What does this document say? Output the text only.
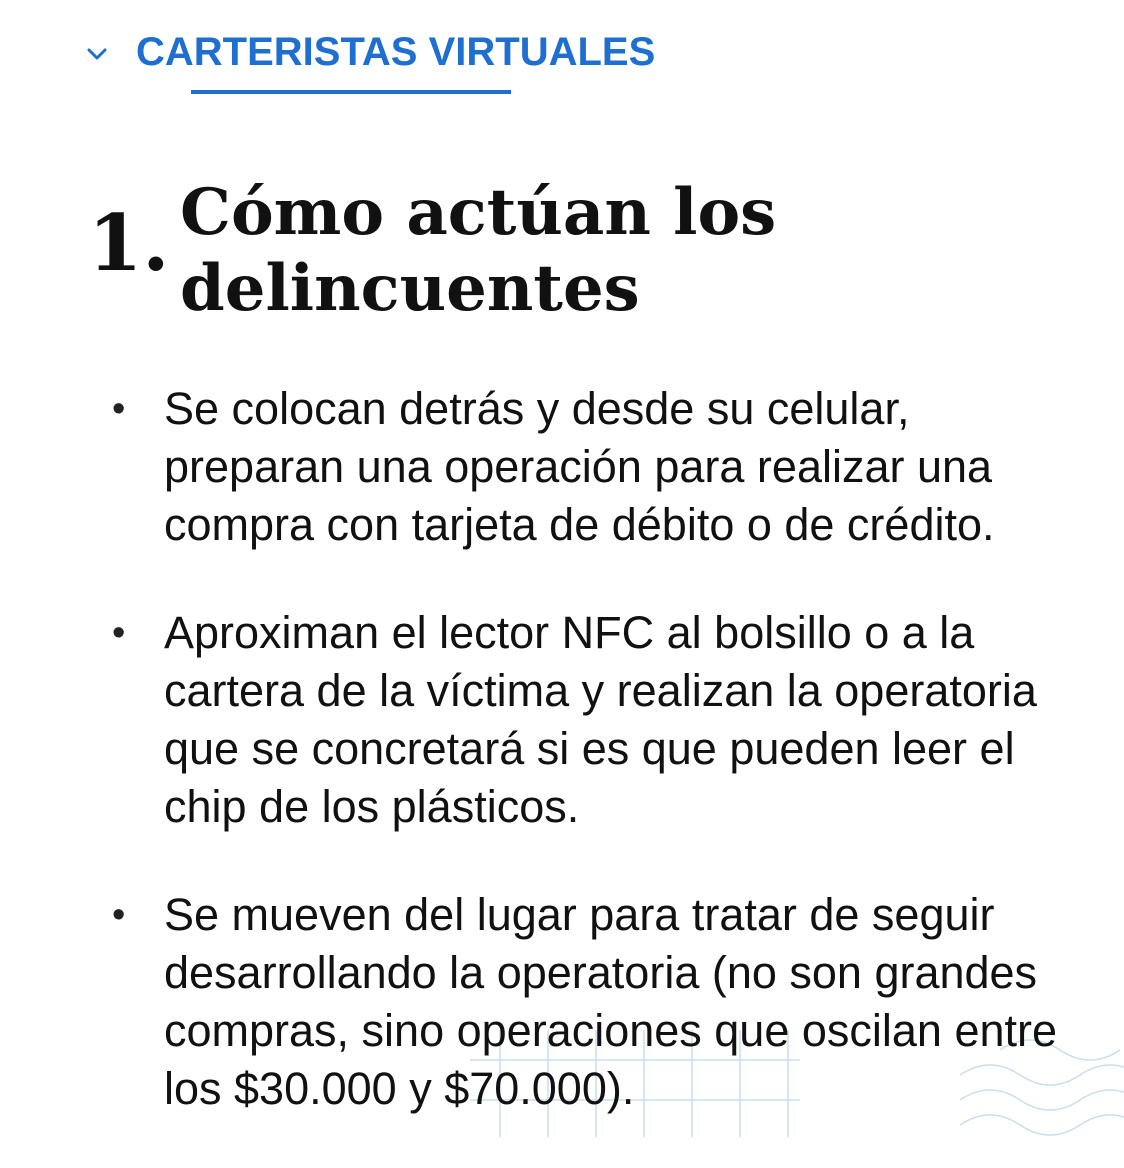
CARTERISTAS VIRTUALES
1. Cómo actúan los
delincuentes
• Se colocan detrás y desde su celular, preparan una operación para realizar una compra con tarjeta de débito o de crédito.
• Aproximan el lector NFC al bolsillo o a la cartera de la víctima y realizan la operatoria que se concretará si es que pueden leer el chip de los plásticos.
• Se mueven del lugar para tratar de seguir desarrollando la operatoria (no son grandes compras, sino operaciones que oscilan entre los $30.000 y $70.000).
